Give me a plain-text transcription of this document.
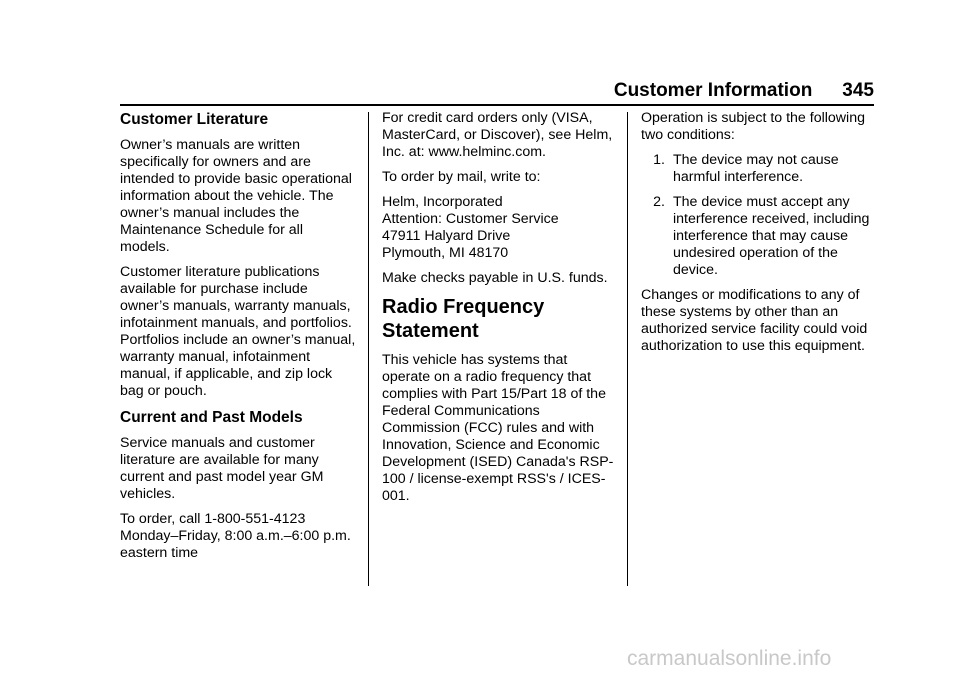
Customer Information 345
Customer Literature

Owner’s manuals are written specifically for owners and are intended to provide basic operational information about the vehicle. The owner’s manual includes the Maintenance Schedule for all models.

Customer literature publications available for purchase include owner’s manuals, warranty manuals, infotainment manuals, and portfolios. Portfolios include an owner’s manual, warranty manual, infotainment manual, if applicable, and zip lock bag or pouch.

Current and Past Models

Service manuals and customer literature are available for many current and past model year GM vehicles.

To order, call 1-800-551-4123
Monday–Friday, 8:00 a.m.–6:00 p.m.
eastern time

For credit card orders only (VISA, MasterCard, or Discover), see Helm, Inc. at: www.helminc.com.

To order by mail, write to:

Helm, Incorporated
Attention: Customer Service
47911 Halyard Drive
Plymouth, MI 48170

Make checks payable in U.S. funds.

Radio Frequency Statement

This vehicle has systems that operate on a radio frequency that complies with Part 15/Part 18 of the Federal Communications Commission (FCC) rules and with Innovation, Science and Economic Development (ISED) Canada's RSP-100 / license-exempt RSS's / ICES-001.

Operation is subject to the following two conditions:

1. The device may not cause harmful interference.
2. The device must accept any interference received, including interference that may cause undesired operation of the device.

Changes or modifications to any of these systems by other than an authorized service facility could void authorization to use this equipment.

carmanualsonline.info
